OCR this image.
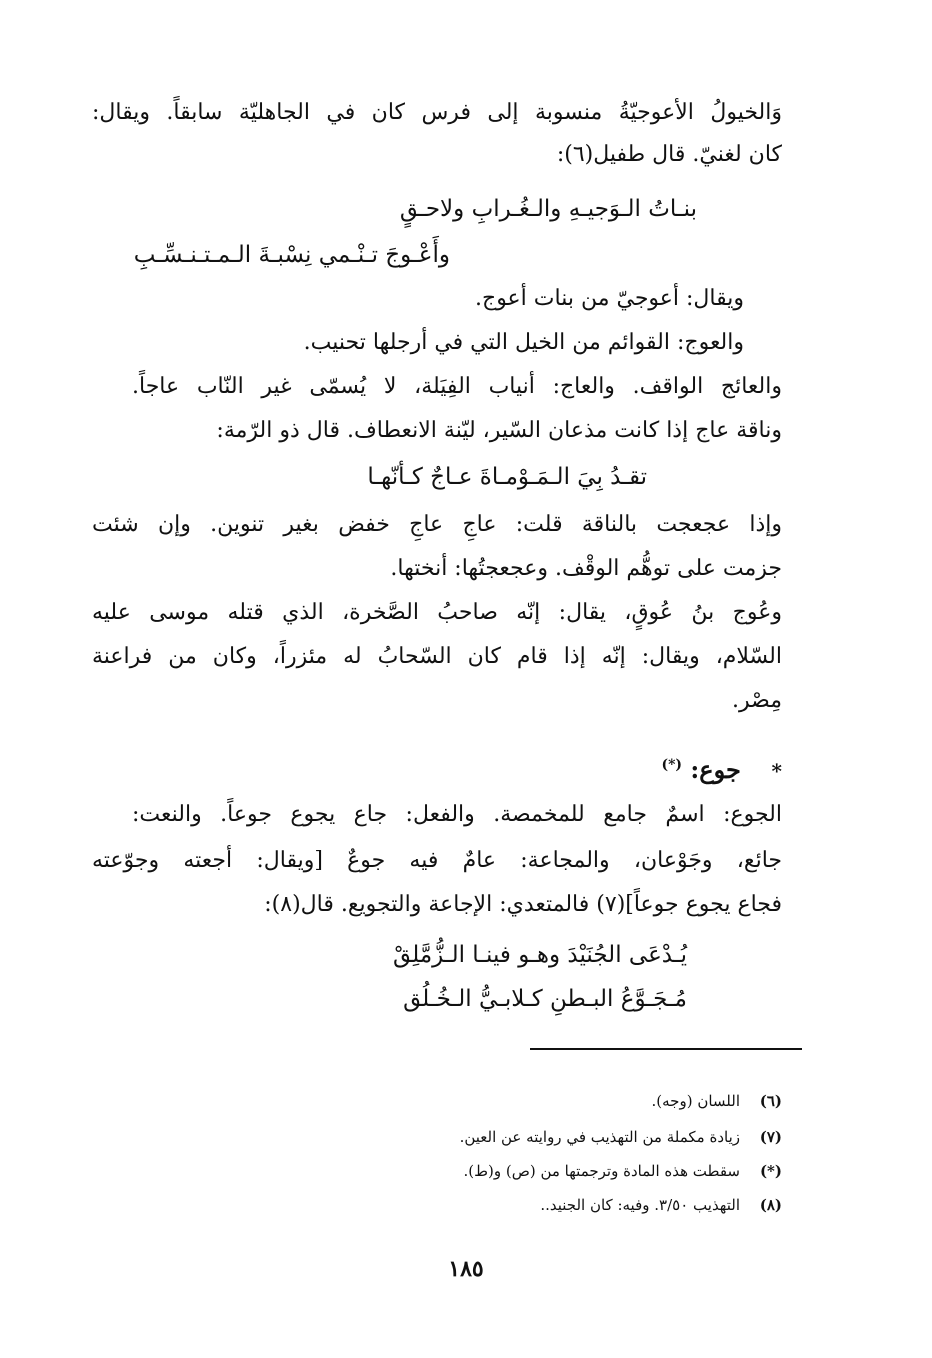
وَالخيولُ الأعوجيّةُ منسوبة إلى فرس كان في الجاهليّة سابقاً. ويقال:
كان لغنيّ. قال طفيل(٦):
بنـاتُ الـوَجيـهِ والـغُـرابِ ولاحـقٍ
وأَعْـوجَ تـنْـمي نِسْبـةَ الـمـتـنـسِّـبِ
ويقال: أعوجيّ من بنات أعوج.
والعوج: القوائم من الخيل التي في أرجلها تحنيب.
والعائج الواقف. والعاج: أنياب الفِيَلة، لا يُسمّى غير النّاب عاجاً.
وناقة عاج إذا كانت مذعان السّير، ليّنة الانعطاف. قال ذو الرّمة:
تقـدُ بِيَ الـمَـوْمـاةَ عـاجٌ كـأنّهـا
وإذا عجعجت بالناقة قلت: عاجِ عاجِ خفض بغير تنوين. وإن شئت
جزمت على توهُّم الوقْف. وعجعجتُها: أنختها.
وعُوج بنُ عُوقٍ، يقال: إنّه صاحبُ الصَّخرة، الذي قتله موسى عليه
السّلام، ويقال: إنّه إذا قام كان السّحابُ له مئزراً، وكان من فراعنة
مِصْر.
*  جوع: (*)
الجوع: اسمٌ جامع للمخمصة. والفعل: جاع يجوع جوعاً. والنعت:
جائع، وجَوْعان، والمجاعة: عامٌ فيه جوعٌ [ويقال: أجعته وجوّعته
فجاع يجوع جوعاً](٧) فالمتعدي: الإجاعة والتجويع. قال(٨):
يُـدْعَى الجُنَيْدَ وهـو فينـا الـزُّمَّلِقْ
مُـجَـوَّعُ البـطنِ كـلابـيُّ الـخُـلُق
(٦)اللسان (وجه).
(٧)زيادة مكملة من التهذيب في روايته عن العين.
(*)سقطت هذه المادة وترجمتها من (ص) و(ط).
(٨)التهذيب ٣/٥٠. وفيه: كان الجنيد..
١٨٥
